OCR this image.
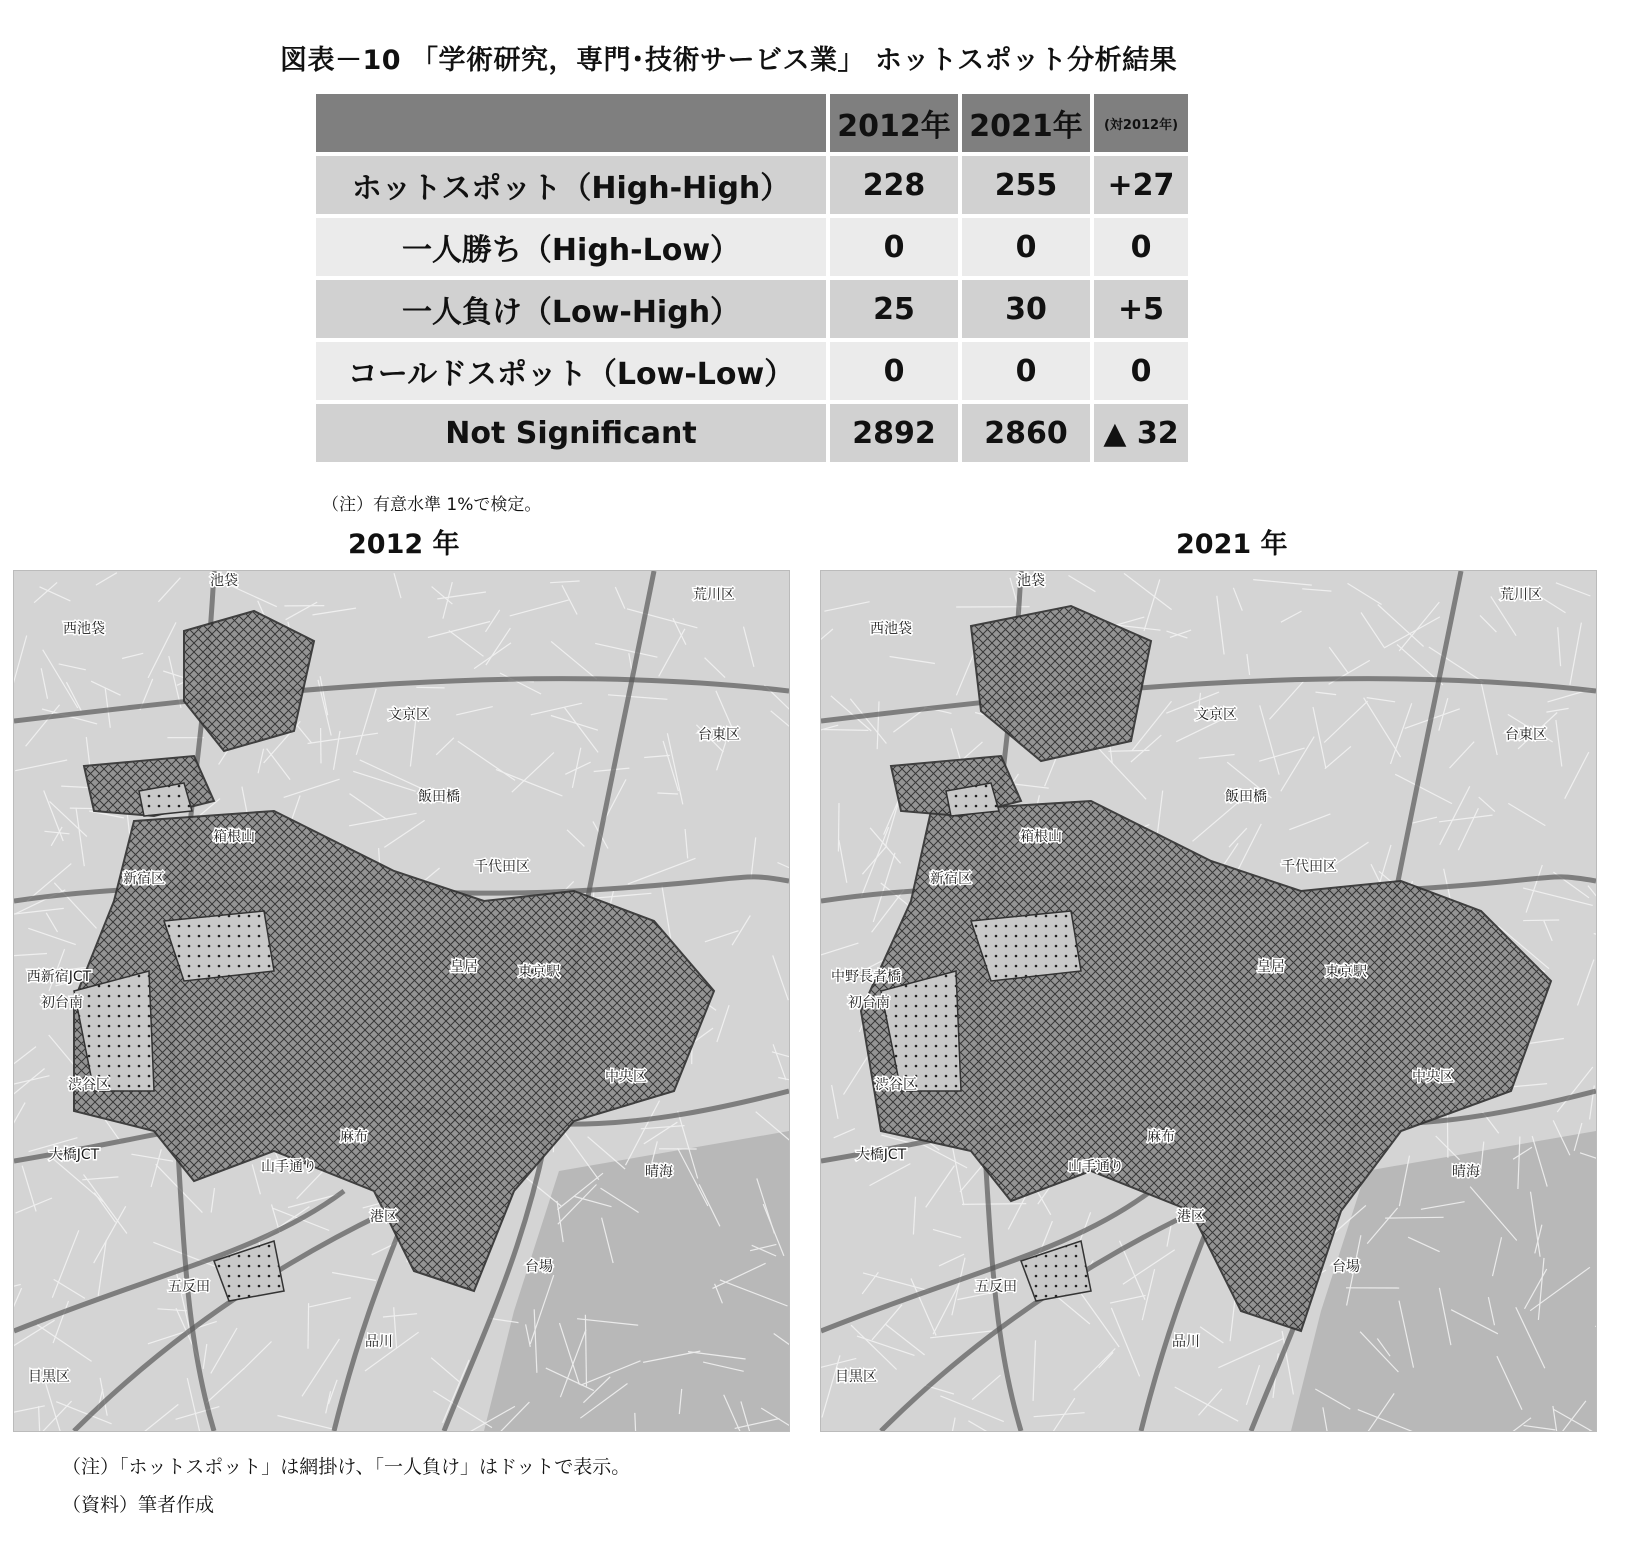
図表－10 「学術研究，専門･技術サービス業」 ホットスポット分析結果
	2012年	2021年	(対2012年)
ホットスポット（High-High）	228	255	+27
一人勝ち（High-Low）	0	0	0
一人負け（Low-High）	25	30	+5
コールドスポット（Low-Low）	0	0	0
Not Significant	2892	2860	▲ 32
（注）有意水準 1%で検定。
2012 年	2021 年
荒川区
文京区
台東区
新宿区
皇居	東京駅
中央区
渋谷区
港区
品川
目黒区
西池袋
池袋
箱根山
千代田区
麻布
大橋JCT
五反田
晴海
台場
初台南
西新宿JCT
山手通り
飯田橋
荒川区
文京区
台東区
新宿区
皇居	東京駅
中央区
渋谷区
港区
品川
目黒区
西池袋
池袋
箱根山
千代田区
麻布
大橋JCT
五反田
晴海
台場
初台南
中野長者橋
山手通り
飯田橋
（注）「ホットスポット」は網掛け、「一人負け」はドットで表示。
（資料）筆者作成
